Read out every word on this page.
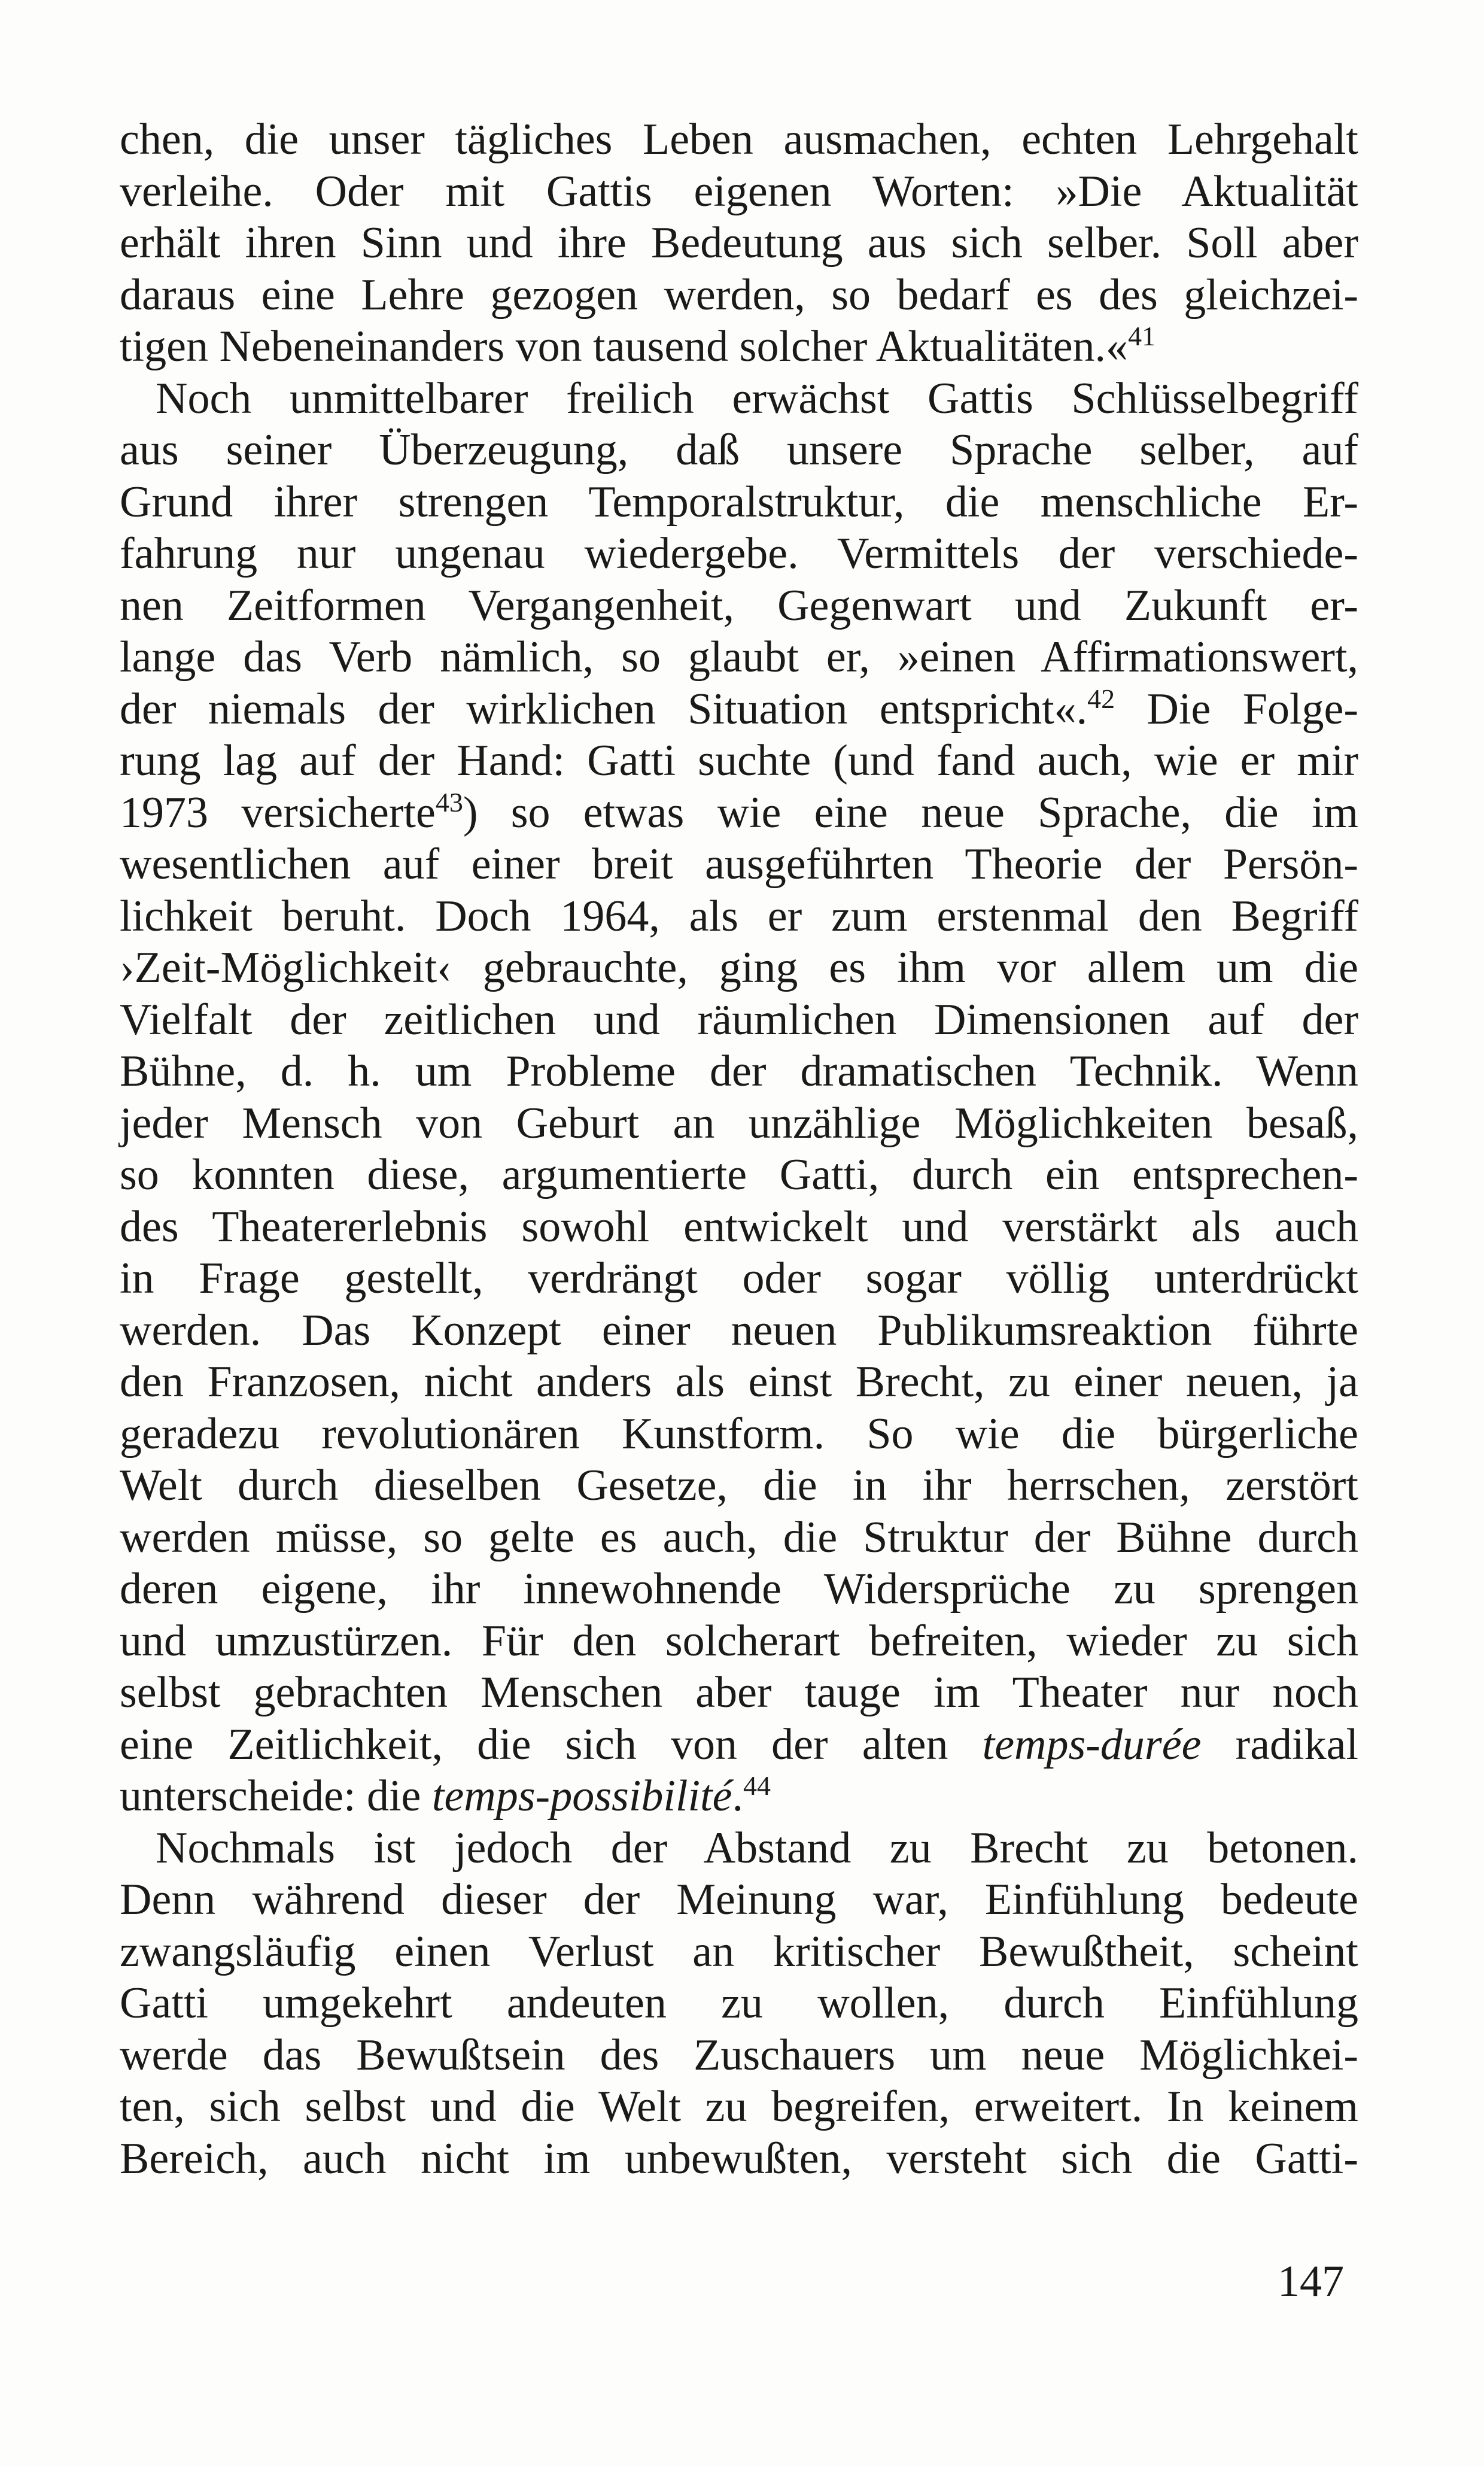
chen, die unser tägliches Leben ausmachen, echten Lehrgehalt
verleihe. Oder mit Gattis eigenen Worten: »Die Aktualität
erhält ihren Sinn und ihre Bedeutung aus sich selber. Soll aber
daraus eine Lehre gezogen werden, so bedarf es des gleichzei-
tigen Nebeneinanders von tausend solcher Aktualitäten.«$^{41}$
Noch unmittelbarer freilich erwächst Gattis Schlüsselbegriff
aus seiner Überzeugung, daß unsere Sprache selber, auf
Grund ihrer strengen Temporalstruktur, die menschliche Er-
fahrung nur ungenau wiedergebe. Vermittels der verschiede-
nen Zeitformen Vergangenheit, Gegenwart und Zukunft er-
lange das Verb nämlich, so glaubt er, »einen Affirmationswert,
der niemals der wirklichen Situation entspricht«.$^{42}$ Die Folge-
rung lag auf der Hand: Gatti suchte (und fand auch, wie er mir
1973 versicherte$^{43}$) so etwas wie eine neue Sprache, die im
wesentlichen auf einer breit ausgeführten Theorie der Persön-
lichkeit beruht. Doch 1964, als er zum erstenmal den Begriff
›Zeit-Möglichkeit‹ gebrauchte, ging es ihm vor allem um die
Vielfalt der zeitlichen und räumlichen Dimensionen auf der
Bühne, d. h. um Probleme der dramatischen Technik. Wenn
jeder Mensch von Geburt an unzählige Möglichkeiten besaß,
so konnten diese, argumentierte Gatti, durch ein entsprechen-
des Theatererlebnis sowohl entwickelt und verstärkt als auch
in Frage gestellt, verdrängt oder sogar völlig unterdrückt
werden. Das Konzept einer neuen Publikumsreaktion führte
den Franzosen, nicht anders als einst Brecht, zu einer neuen, ja
geradezu revolutionären Kunstform. So wie die bürgerliche
Welt durch dieselben Gesetze, die in ihr herrschen, zerstört
werden müsse, so gelte es auch, die Struktur der Bühne durch
deren eigene, ihr innewohnende Widersprüche zu sprengen
und umzustürzen. Für den solcherart befreiten, wieder zu sich
selbst gebrachten Menschen aber tauge im Theater nur noch
eine Zeitlichkeit, die sich von der alten temps-durée radikal
unterscheide: die temps-possibilité.$^{44}$
Nochmals ist jedoch der Abstand zu Brecht zu betonen.
Denn während dieser der Meinung war, Einfühlung bedeute
zwangsläufig einen Verlust an kritischer Bewußtheit, scheint
Gatti umgekehrt andeuten zu wollen, durch Einfühlung
werde das Bewußtsein des Zuschauers um neue Möglichkei-
ten, sich selbst und die Welt zu begreifen, erweitert. In keinem
Bereich, auch nicht im unbewußten, versteht sich die Gatti-
147
